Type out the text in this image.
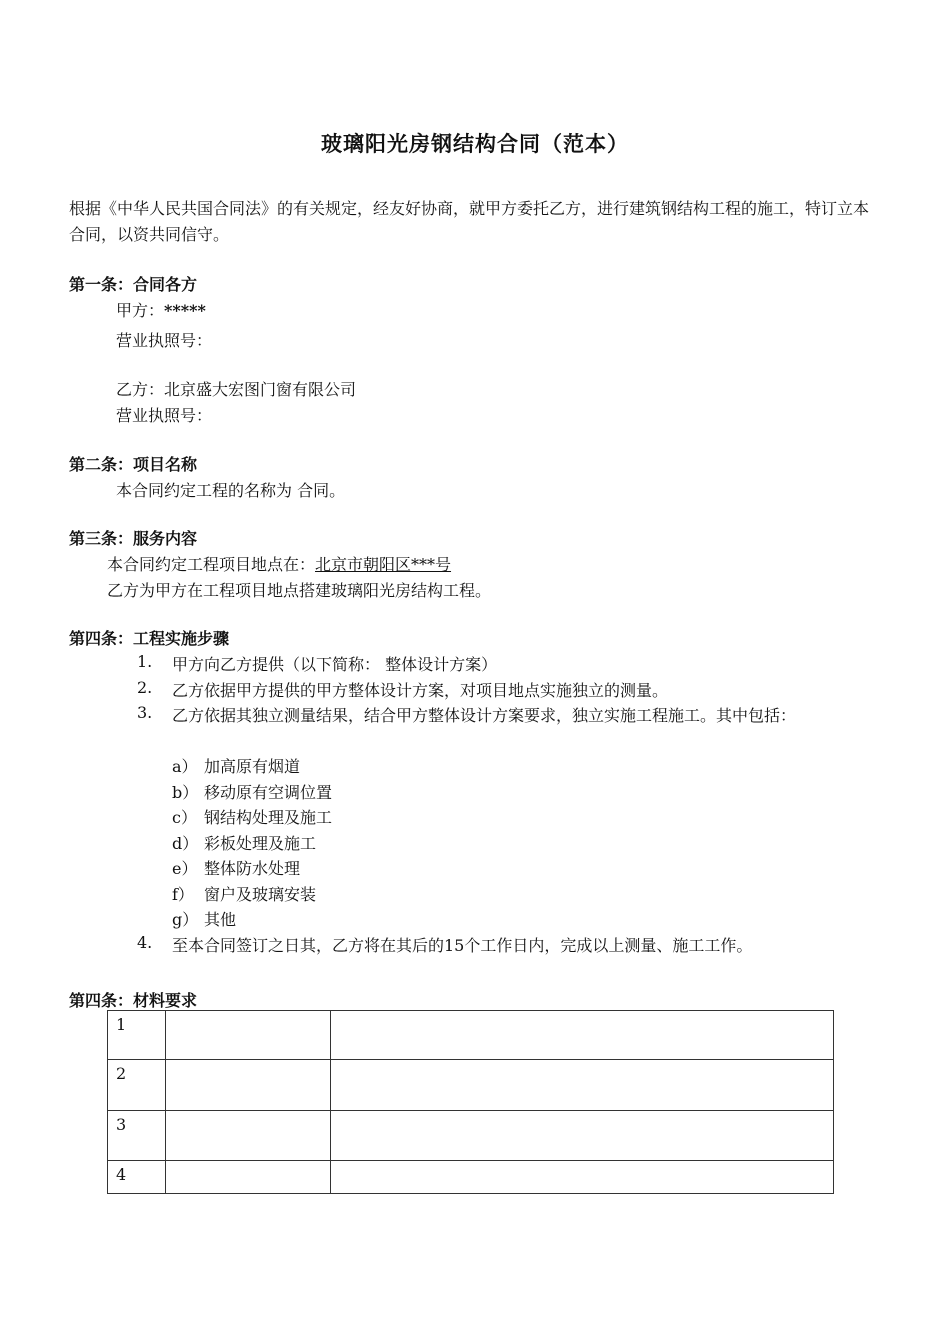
玻璃阳光房钢结构合同（范本）
根据《中华人民共国合同法》的有关规定，经友好协商，就甲方委托乙方，进行建筑钢结构工程的施工，特订立本合同，以资共同信守。
第一条：合同各方
甲方：*****
营业执照号：
乙方：北京盛大宏图门窗有限公司
营业执照号：
第二条：项目名称
本合同约定工程的名称为 合同。
第三条：服务内容
本合同约定工程项目地点在：北京市朝阳区***号
乙方为甲方在工程项目地点搭建玻璃阳光房结构工程。
第四条：工程实施步骤
1. 甲方向乙方提供（以下简称： 整体设计方案）
2. 乙方依据甲方提供的甲方整体设计方案，对项目地点实施独立的测量。
3. 乙方依据其独立测量结果，结合甲方整体设计方案要求，独立实施工程施工。其中包括：
a） 加高原有烟道
b） 移动原有空调位置
c） 钢结构处理及施工
d） 彩板处理及施工
e） 整体防水处理
f） 窗户及玻璃安装
g） 其他
4. 至本合同签订之日其，乙方将在其后的15个工作日内，完成以上测量、施工工作。
第四条：材料要求
1		
2		
3		
4		
